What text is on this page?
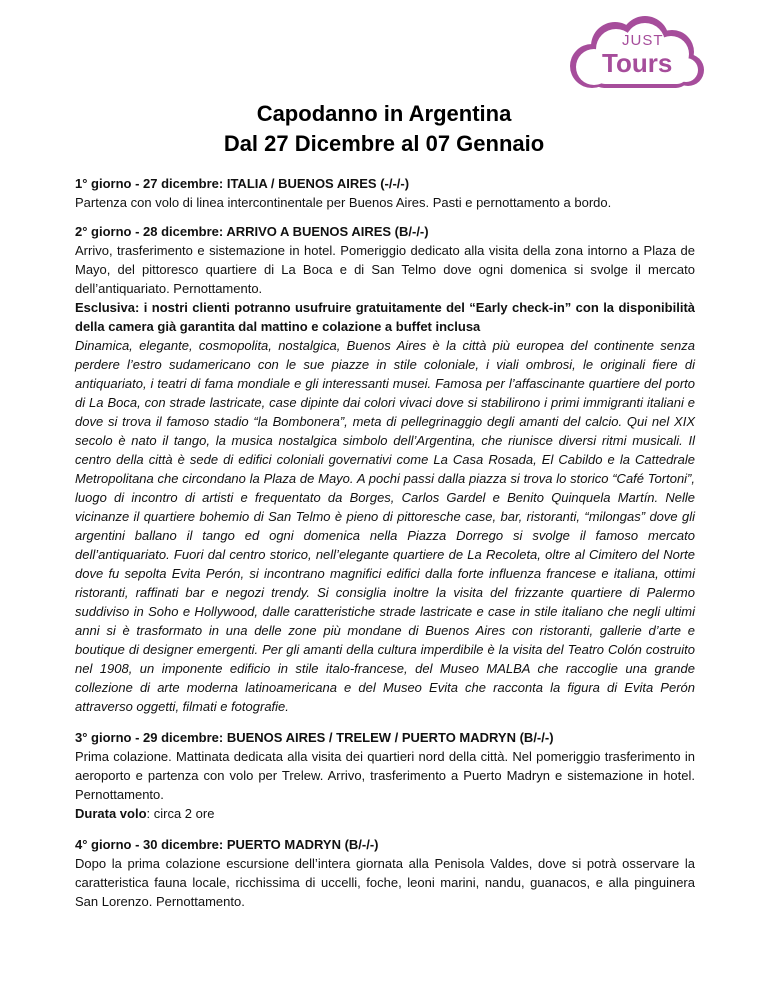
JUST
Tours
Capodanno in Argentina
Dal 27 Dicembre al 07 Gennaio
1° giorno - 27 dicembre: ITALIA / BUENOS AIRES (-/-/-)
Partenza con volo di linea intercontinentale per Buenos Aires. Pasti e pernottamento a bordo.
2° giorno - 28 dicembre: ARRIVO A BUENOS AIRES (B/-/-)
Arrivo, trasferimento e sistemazione in hotel. Pomeriggio dedicato alla visita della zona intorno a Plaza de Mayo, del pittoresco quartiere di La Boca e di San Telmo dove ogni domenica si svolge il mercato dell’antiquariato. Pernottamento.
Esclusiva: i nostri clienti potranno usufruire gratuitamente del “Early check-in” con la disponibilità della camera già garantita dal mattino e colazione a buffet inclusa
Dinamica, elegante, cosmopolita, nostalgica, Buenos Aires è la città più europea del continente senza perdere l’estro sudamericano con le sue piazze in stile coloniale, i viali ombrosi, le originali fiere di antiquariato, i teatri di fama mondiale e gli interessanti musei. Famosa per l’affascinante quartiere del porto di La Boca, con strade lastricate, case dipinte dai colori vivaci dove si stabilirono i primi immigranti italiani e dove si trova il famoso stadio “la Bombonera”, meta di pellegrinaggio degli amanti del calcio. Qui nel XIX secolo è nato il tango, la musica nostalgica simbolo dell’Argentina, che riunisce diversi ritmi musicali. Il centro della città è sede di edifici coloniali governativi come La Casa Rosada, El Cabildo e la Cattedrale Metropolitana che circondano la Plaza de Mayo. A pochi passi dalla piazza si trova lo storico “Café Tortoni”, luogo di incontro di artisti e frequentato da Borges, Carlos Gardel e Benito Quinquela Martín. Nelle vicinanze il quartiere bohemio di San Telmo è pieno di pittoresche case, bar, ristoranti, “milongas” dove gli argentini ballano il tango ed ogni domenica nella Piazza Dorrego si svolge il famoso mercato dell’antiquariato. Fuori dal centro storico, nell’elegante quartiere de La Recoleta, oltre al Cimitero del Norte dove fu sepolta Evita Perón, si incontrano magnifici edifici dalla forte influenza francese e italiana, ottimi ristoranti, raffinati bar e negozi trendy. Si consiglia inoltre la visita del frizzante quartiere di Palermo suddiviso in Soho e Hollywood, dalle caratteristiche strade lastricate e case in stile italiano che negli ultimi anni si è trasformato in una delle zone più mondane di Buenos Aires con ristoranti, gallerie d’arte e boutique di designer emergenti. Per gli amanti della cultura imperdibile è la visita del Teatro Colón costruito nel 1908, un imponente edificio in stile italo-francese, del Museo MALBA che raccoglie una grande collezione di arte moderna latinoamericana e del Museo Evita che racconta la figura di Evita Perón attraverso oggetti, filmati e fotografie.
3° giorno - 29 dicembre: BUENOS AIRES / TRELEW / PUERTO MADRYN (B/-/-)
Prima colazione. Mattinata dedicata alla visita dei quartieri nord della città. Nel pomeriggio trasferimento in aeroporto e partenza con volo per Trelew. Arrivo, trasferimento a Puerto Madryn e sistemazione in hotel. Pernottamento.
Durata volo: circa 2 ore
4° giorno - 30 dicembre: PUERTO MADRYN (B/-/-)
Dopo la prima colazione escursione dell’intera giornata alla Penisola Valdes, dove si potrà osservare la caratteristica fauna locale, ricchissima di uccelli, foche, leoni marini, nandu, guanacos, e alla pinguinera San Lorenzo. Pernottamento.
